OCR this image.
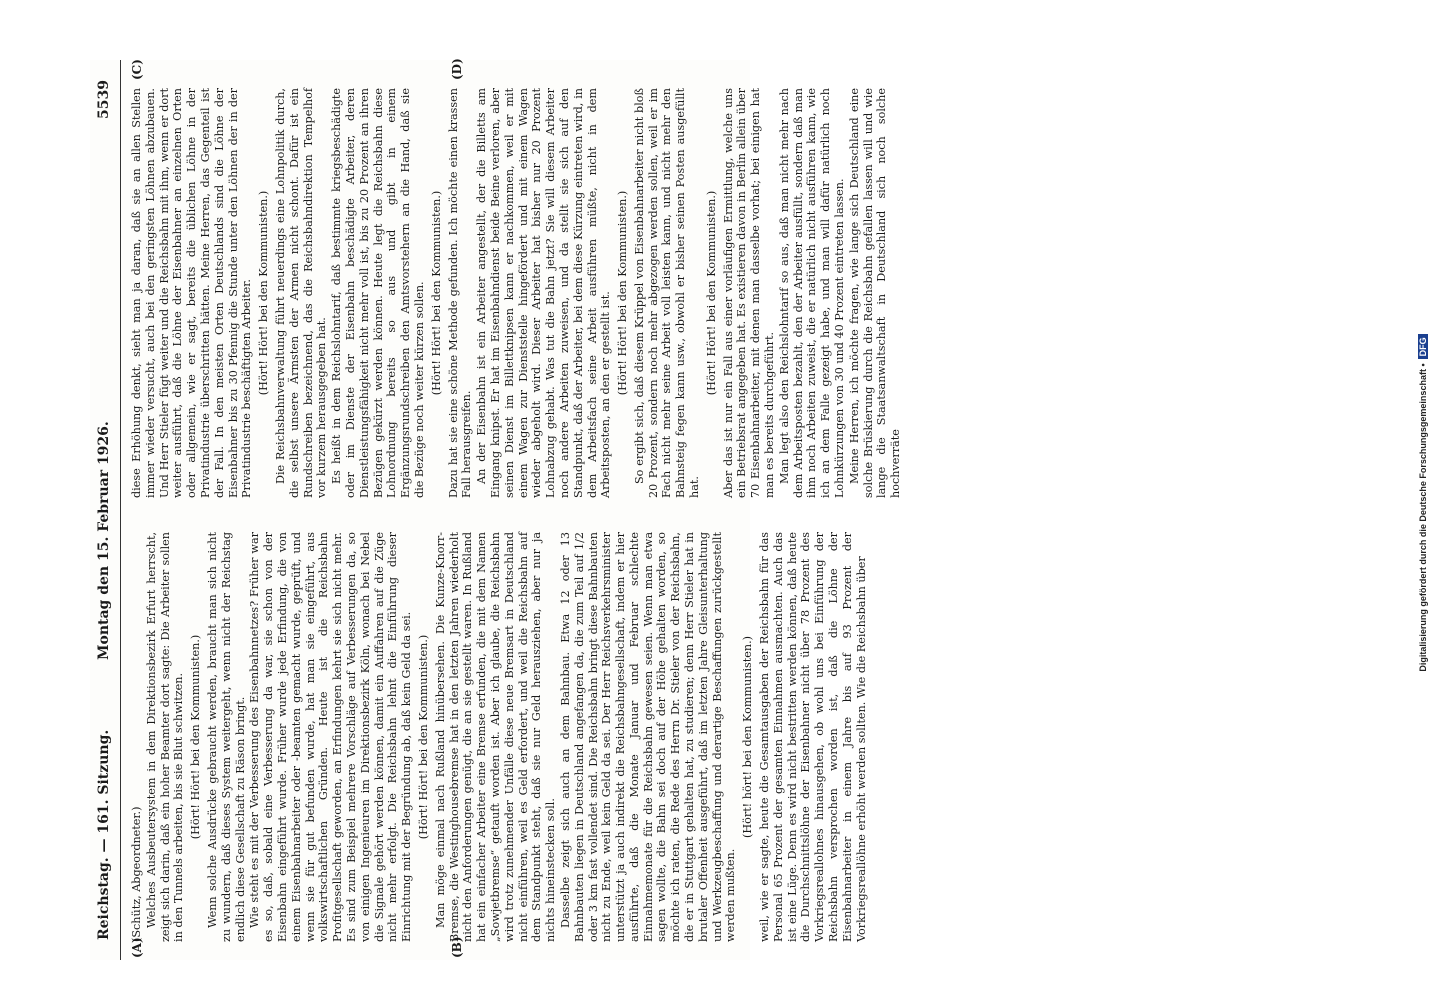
Reichstag. — 161. Sitzung.
Montag den 15. Februar 1926.
5539
(A)	(B)
(C)	(D)

(Schütz, Abgeordneter.) Welches Ausbeutersystem in dem Direktionsbezirk Erfurt herrscht, zeigt sich darin, daß ein hoher Beamter dort sagte: Die Arbeiter sollen in den Tunnels arbeiten, bis sie Blut schwitzen. (Hört! Hört! bei den Kommunisten.) Wenn solche Ausdrücke gebraucht werden, braucht man sich nicht zu wundern, daß dieses System weitergeht, wenn nicht der Reichstag endlich diese Gesellschaft zu Räson bringt. Wie steht es mit der Verbesserung des Eisenbahnnetzes? Früher war es so, daß, sobald eine Verbesserung da war, sie schon von der Eisenbahn eingeführt wurde. Früher wurde jede Erfindung, die von einem Eisenbahnarbeiter oder -beamten gemacht wurde, geprüft, und wenn sie für gut befunden wurde, hat man sie eingeführt, aus volkswirtschaftlichen Gründen. Heute ist die Reichsbahn Profitgesellschaft geworden, an Erfindungen kehrt sie sich nicht mehr. Es sind zum Beispiel mehrere Vorschläge auf Verbesserungen da, so von einigen Ingenieuren im Direktionsbezirk Köln, wonach bei Nebel die Signale gehört werden können, damit ein Auffahren auf die Züge nicht mehr erfolgt. Die Reichsbahn lehnt die Einführung dieser Einrichtung mit der Begründung ab, daß kein Geld da sei. (Hört! Hört! bei den Kommunisten.) Man möge einmal nach Rußland hinübersehen. Die Kunze-Knorr-Bremse, die Westinghousebremse hat in den letzten Jahren wiederholt nicht den Anforderungen genügt, die an sie gestellt waren. In Rußland hat ein einfacher Arbeiter eine Bremse erfunden, die mit dem Namen „Sowjetbremse“ getauft worden ist. Aber ich glaube, die Reichsbahn wird trotz zunehmender Unfälle diese neue Bremsart in Deutschland nicht einführen, weil es Geld erfordert, und weil die Reichsbahn auf dem Standpunkt steht, daß sie nur Geld herausziehen, aber nur ja nichts hineinstecken soll. Dasselbe zeigt sich auch an dem Bahnbau. Etwa 12 oder 13 Bahnbauten liegen in Deutschland angefangen da, die zum Teil auf 1/2 oder 3 km fast vollendet sind. Die Reichsbahn bringt diese Bahnbauten nicht zu Ende, weil kein Geld da sei. Der Herr Reichsverkehrsminister unterstützt ja auch indirekt die Reichsbahngesellschaft, indem er hier ausführte, daß die Monate Januar und Februar schlechte Einnahmemonate für die Reichsbahn gewesen seien. Wenn man etwa sagen wollte, die Bahn sei doch auf der Höhe gehalten worden, so möchte ich raten, die Rede des Herrn Dr. Stieler von der Reichsbahn, die er in Stuttgart gehalten hat, zu studieren; denn Herr Stieler hat in brutaler Offenheit ausgeführt, daß im letzten Jahre Gleisunterhaltung und Werkzeugbeschaffung und derartige Beschaffungen zurückgestellt werden mußten.

(Hört! hört! bei den Kommunisten.) weil, wie er sagte, heute die Gesamtausgaben der Reichsbahn für das Personal 65 Prozent der gesamten Einnahmen ausmachten. Auch das ist eine Lüge. Denn es wird nicht bestritten werden können, daß heute die Durchschnittslöhne der Eisenbahner nicht über 78 Prozent des Vorkriegsreallohnes hinausgehen, ob wohl uns bei Einführung der Reichsbahn versprochen worden ist, daß die Löhne der Eisenbahnarbeiter in einem Jahre bis auf 93 Prozent der Vorkriegsreallöhne erhöht werden sollten. Wie die Reichsbahn über

diese Erhöhung denkt, sieht man ja daran, daß sie an allen Stellen immer wieder versucht, auch bei den geringsten Löhnen abzubauen. Und Herr Stieler fügt weiter und die Reichsbahn mit ihm, wenn er dort weiter ausführt, daß die Löhne der Eisenbahner an einzelnen Orten oder allgemein, wie er sagt, bereits die üblichen Löhne in der Privatindustrie überschritten hätten. Meine Herren, das Gegenteil ist der Fall. In den meisten Orten Deutschlands sind die Löhne der Eisenbahner bis zu 30 Pfennig die Stunde unter den Löhnen der in der Privatindustrie beschäftigten Arbeiter. (Hört! Hört! bei den Kommunisten.) Die Reichsbahnverwaltung führt neuerdings eine Lohnpolitik durch, die selbst unsere Ärmsten der Armen nicht schont. Dafür ist ein Rundschreiben bezeichnend, das die Reichsbahndirektion Tempelhof vor kurzem herausgegeben hat. Es heißt in dem Reichslohntarif, daß bestimmte kriegsbeschädigte oder im Dienste der Eisenbahn beschädigte Arbeiter, deren Dienstleistungsfähigkeit nicht mehr voll ist, bis zu 20 Prozent an ihren Bezügen gekürzt werden können. Heute legt die Reichsbahn diese Lohnordnung bereits so aus und gibt in einem Ergänzungsrundschreiben den Amtsvorstehern an die Hand, daß sie die Bezüge noch weiter kürzen sollen. (Hört! Hört! bei den Kommunisten.) Dazu hat sie eine schöne Methode gefunden. Ich möchte einen krassen Fall herausgreifen. An der Eisenbahn ist ein Arbeiter angestellt, der die Billetts am Eingang knipst. Er hat im Eisenbahndienst beide Beine verloren, aber seinen Dienst im Billettknipsen kann er nachkommen, weil er mit einem Wagen zur Dienststelle hingefördert und mit einem Wagen wieder abgeholt wird. Dieser Arbeiter hat bisher nur 20 Prozent Lohnabzug gehabt. Was tut die Bahn jetzt? Sie will diesem Arbeiter noch andere Arbeiten zuweisen, und da stellt sie sich auf den Standpunkt, daß der Arbeiter, bei dem diese Kürzung eintreten wird, in dem Arbeitsfach seine Arbeit ausführen müßte, nicht in dem Arbeitsposten, an den er gestellt ist. (Hört! Hört! bei den Kommunisten.) So ergibt sich, daß diesem Krüppel von Eisenbahnarbeiter nicht bloß 20 Prozent, sondern noch mehr abgezogen werden sollen, weil er im Fach nicht mehr seine Arbeit voll leisten kann, und nicht mehr den Bahnsteig fegen kann usw., obwohl er bisher seinen Posten ausgefüllt hat.

(Hört! Hört! bei den Kommunisten.) Aber das ist nur ein Fall aus einer vorläufigen Ermittlung, welche uns ein Betriebsrat angegeben hat. Es existieren davon in Berlin allein über 70 Eisenbahnarbeiter, mit denen man dasselbe vorhat; bei einigen hat man es bereits durchgeführt. Man legt also den Reichslohntarif so aus, daß man nicht mehr nach dem Arbeitsposten bezahlt, den der Arbeiter ausfüllt, sondern daß man ihm noch Arbeiten zuweist, die er natürlich nicht ausführen kann, wie ich an dem Falle gezeigt habe, und man will dafür natürlich noch Lohnkürzungen von 30 und 40 Prozent eintreten lassen. Meine Herren, ich möchte fragen, wie lange sich Deutschland eine solche Brüskierung durch die Reichsbahn gefallen lassen will und wie lange die Staatsanwaltschaft in Deutschland sich noch solche hochverräte	Digitalisierung gefördert durch die Deutsche Forschungsgemeinschaft •DFG
